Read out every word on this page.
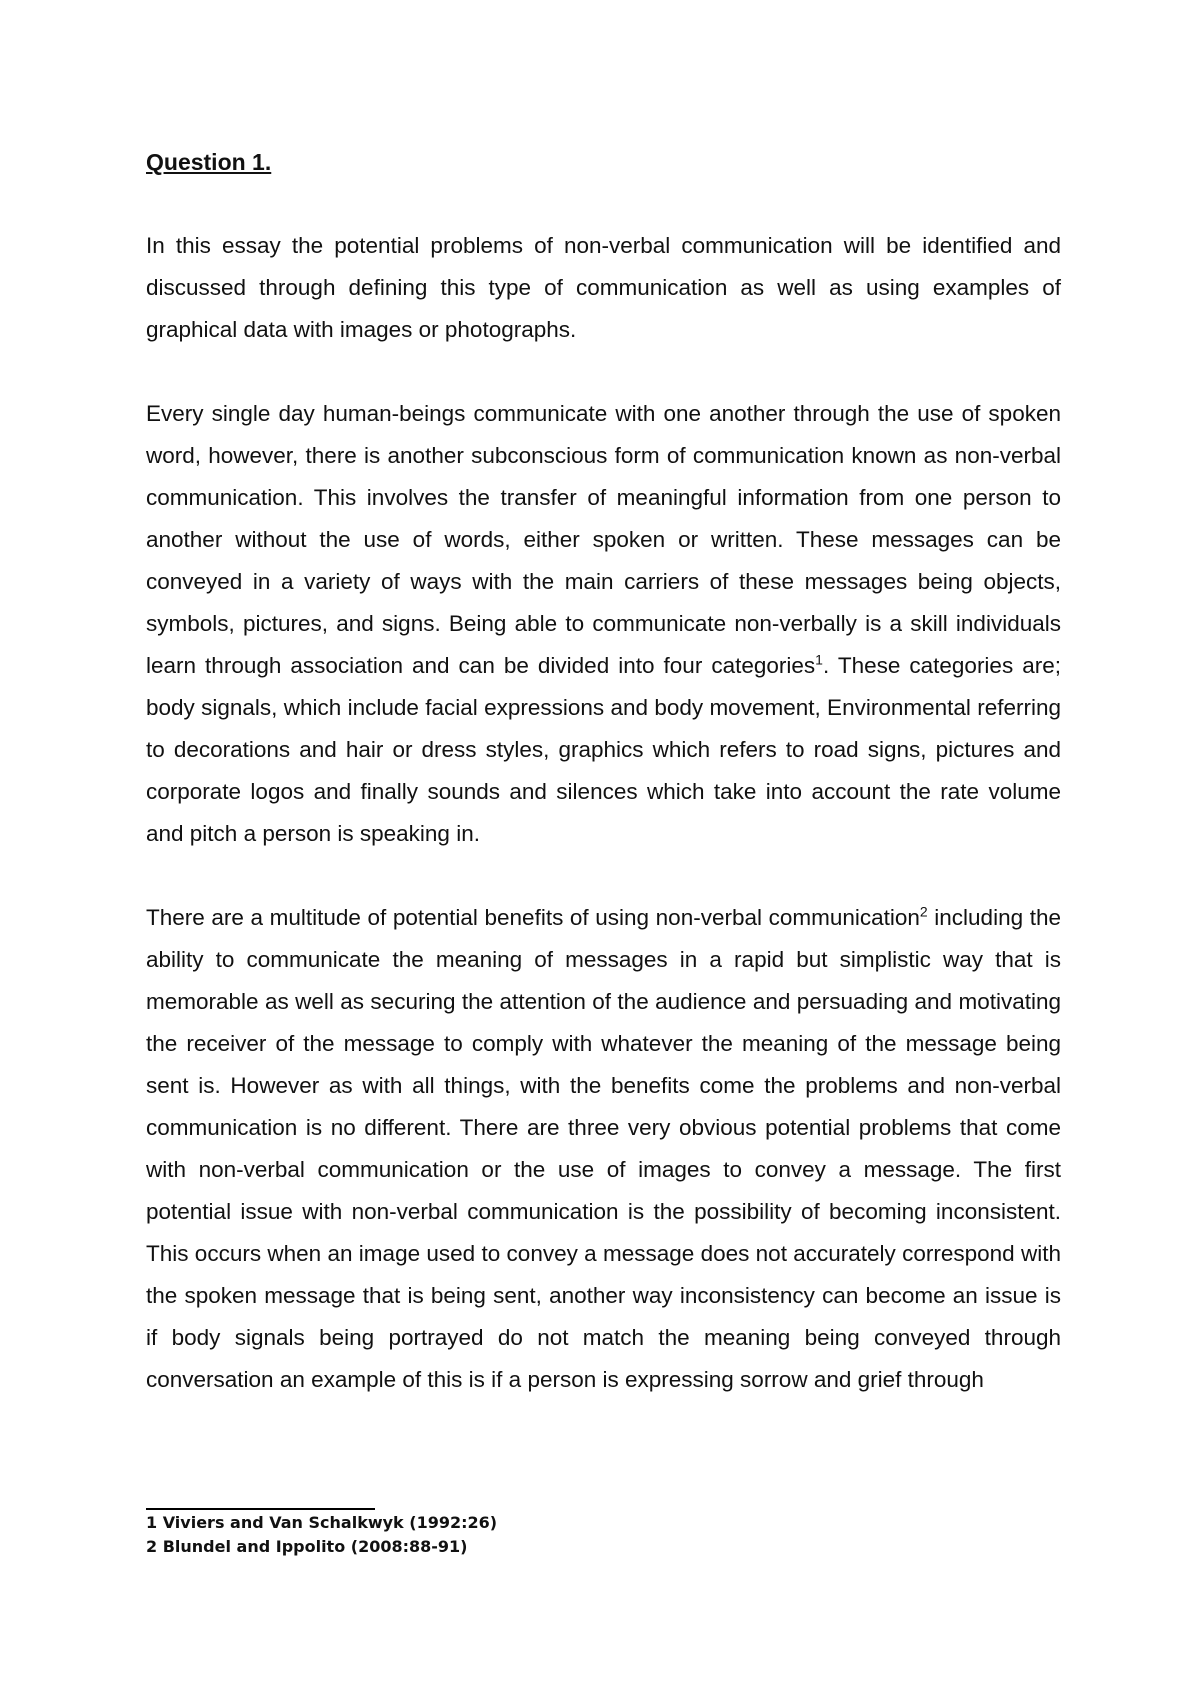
Question 1.

In this essay the potential problems of non-verbal communication will be identified and discussed through defining this type of communication as well as using examples of graphical data with images or photographs.

Every single day human-beings communicate with one another through the use of spoken word, however, there is another subconscious form of communication known as non-verbal communication. This involves the transfer of meaningful information from one person to another without the use of words, either spoken or written. These messages can be conveyed in a variety of ways with the main carriers of these messages being objects, symbols, pictures, and signs. Being able to communicate non-verbally is a skill individuals learn through association and can be divided into four categories$^1$. These categories are; body signals, which include facial expressions and body movement, Environmental referring to decorations and hair or dress styles, graphics which refers to road signs, pictures and corporate logos and finally sounds and silences which take into account the rate volume and pitch a person is speaking in.

There are a multitude of potential benefits of using non-verbal communication$^2$ including the ability to communicate the meaning of messages in a rapid but simplistic way that is memorable as well as securing the attention of the audience and persuading and motivating the receiver of the message to comply with whatever the meaning of the message being sent is. However as with all things, with the benefits come the problems and non-verbal communication is no different. There are three very obvious potential problems that come with non-verbal communication or the use of images to convey a message. The first potential issue with non-verbal communication is the possibility of becoming inconsistent. This occurs when an image used to convey a message does not accurately correspond with the spoken message that is being sent, another way inconsistency can become an issue is if body signals being portrayed do not match the meaning being conveyed through conversation an example of this is if a person is expressing sorrow and grief through

1 Viviers and Van Schalkwyk (1992:26)
2 Blundel and Ippolito (2008:88-91)
